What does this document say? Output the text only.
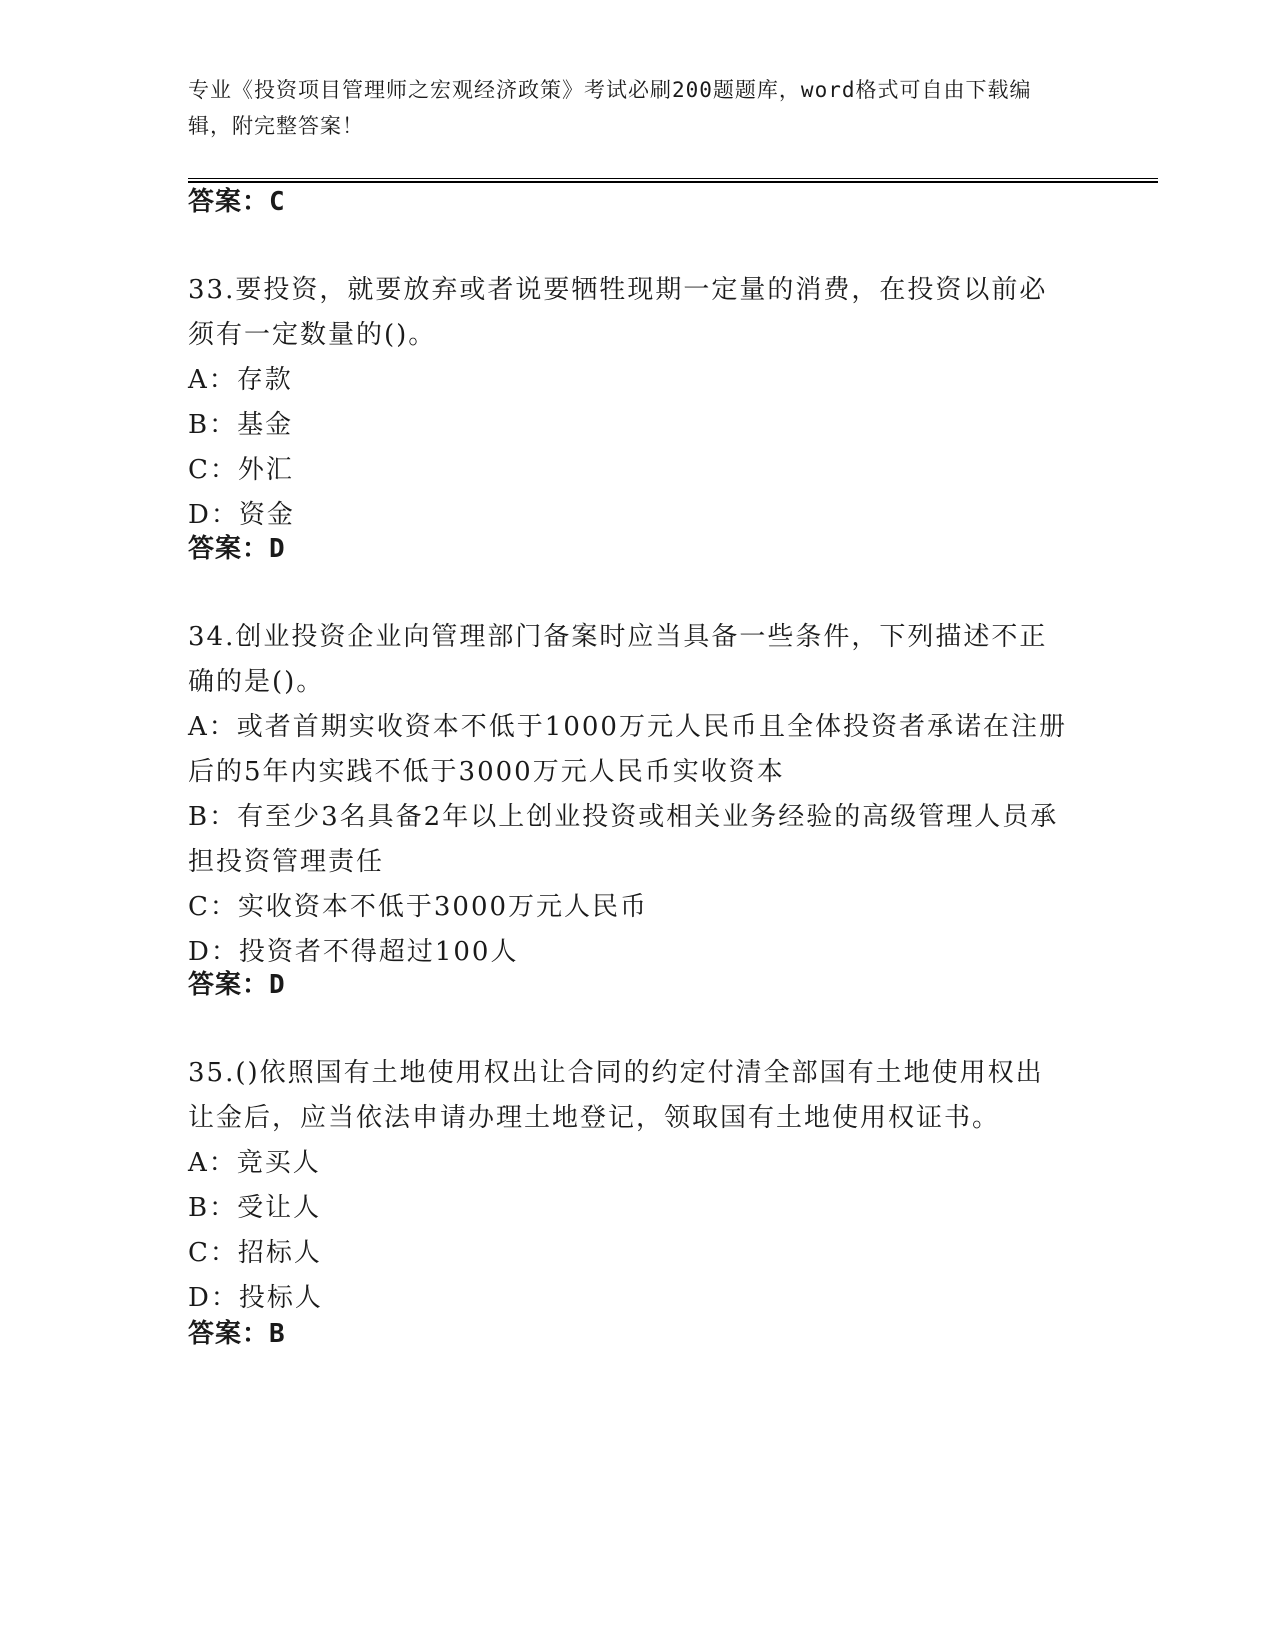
专业《投资项目管理师之宏观经济政策》考试必刷200题题库，word格式可自由下载编辑，附完整答案！
答案：C
33.要投资，就要放弃或者说要牺牲现期一定量的消费，在投资以前必须有一定数量的()。
A：存款
B：基金
C：外汇
D：资金
答案：D
34.创业投资企业向管理部门备案时应当具备一些条件，下列描述不正确的是()。
A：或者首期实收资本不低于1000万元人民币且全体投资者承诺在注册后的5年内实践不低于3000万元人民币实收资本
B：有至少3名具备2年以上创业投资或相关业务经验的高级管理人员承担投资管理责任
C：实收资本不低于3000万元人民币
D：投资者不得超过100人
答案：D
35.()依照国有土地使用权出让合同的约定付清全部国有土地使用权出让金后，应当依法申请办理土地登记，领取国有土地使用权证书。
A：竞买人
B：受让人
C：招标人
D：投标人
答案：B
